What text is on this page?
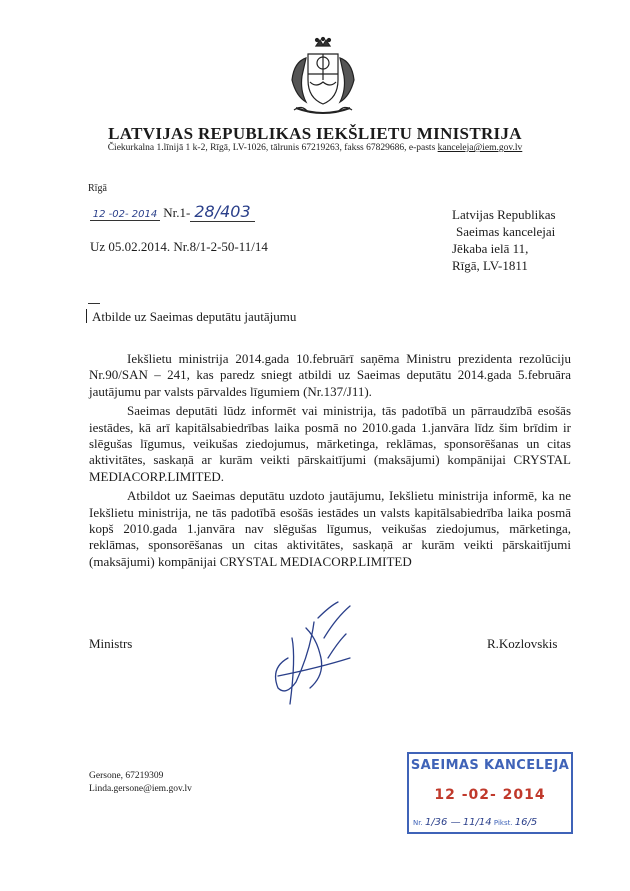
LATVIJAS REPUBLIKAS IEKŠLIETU MINISTRIJA
Čiekurkalna 1.līnijā 1 k-2, Rīgā, LV-1026, tālrunis 67219263, fakss 67829686, e-pasts kanceleja@iem.gov.lv
Rīgā
12 -02- 2014 Nr.1- 28/403
Uz 05.02.2014. Nr.8/1-2-50-11/14
Latvijas Republikas
Saeimas kancelejai
Jēkaba ielā 11,
Rīgā, LV-1811
Atbilde uz Saeimas deputātu jautājumu

Iekšlietu ministrija 2014.gada 10.februārī saņēma Ministru prezidenta rezolūciju Nr.90/SAN – 241, kas paredz sniegt atbildi uz Saeimas deputātu 2014.gada 5.februāra jautājumu par valsts pārvaldes līgumiem (Nr.137/J11).

Saeimas deputāti lūdz informēt vai ministrija, tās padotībā un pārraudzībā esošās iestādes, kā arī kapitālsabiedrības laika posmā no 2010.gada 1.janvāra līdz šim brīdim ir slēgušas līgumus, veikušas ziedojumus, mārketinga, reklāmas, sponsorēšanas un citas aktivitātes, saskaņā ar kurām veikti pārskaitījumi (maksājumi) kompānijai CRYSTAL MEDIACORP.LIMITED.

Atbildot uz Saeimas deputātu uzdoto jautājumu, Iekšlietu ministrija informē, ka ne Iekšlietu ministrija, ne tās padotībā esošās iestādes un valsts kapitālsabiedrība laika posmā kopš 2010.gada 1.janvāra nav slēgušas līgumus, veikušas ziedojumus, mārketinga, reklāmas, sponsorēšanas un citas aktivitātes, saskaņā ar kurām veikti pārskaitījumi (maksājumi) kompānijai CRYSTAL MEDIACORP.LIMITED

Ministrs	R.Kozlovskis
Gersone, 67219309
Linda.gersone@iem.gov.lv
SAEIMAS KANCELEJA
12 -02- 2014
Nr. 1/36 — 11/14 Pikst. 16/5
